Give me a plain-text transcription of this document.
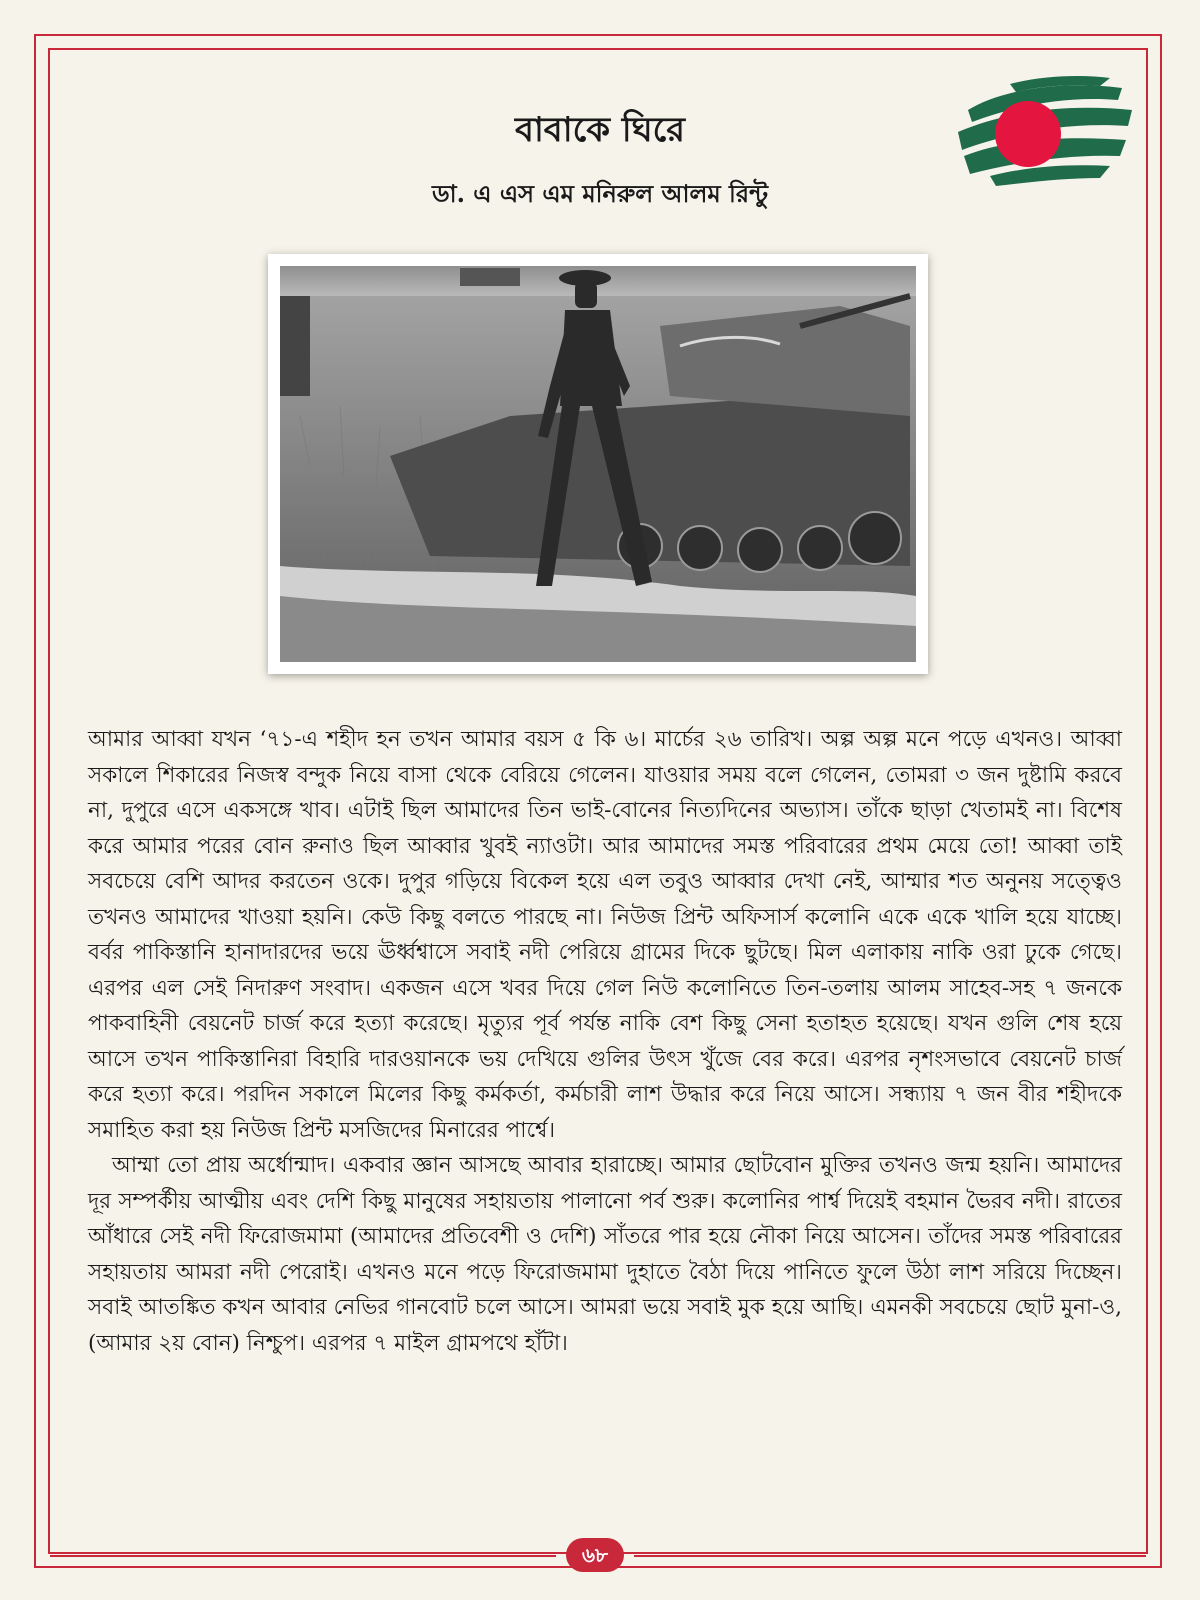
বাবাকে ঘিরে
ডা. এ এস এম মনিরুল আলম রিন্টু

আমার আব্বা যখন ‘৭১-এ শহীদ হন তখন আমার বয়স ৫ কি ৬। মার্চের ২৬ তারিখ। অল্প অল্প মনে পড়ে এখনও। আব্বা সকালে শিকারের নিজস্ব বন্দুক নিয়ে বাসা থেকে বেরিয়ে গেলেন। যাওয়ার সময় বলে গেলেন, তোমরা ৩ জন দুষ্টামি করবে না, দুপুরে এসে একসঙ্গে খাব। এটাই ছিল আমাদের তিন ভাই-বোনের নিত্যদিনের অভ্যাস। তাঁকে ছাড়া খেতামই না। বিশেষ করে আমার পরের বোন রুনাও ছিল আব্বার খুবই ন্যাওটা। আর আমাদের সমস্ত পরিবারের প্রথম মেয়ে তো! আব্বা তাই সবচেয়ে বেশি আদর করতেন ওকে। দুপুর গড়িয়ে বিকেল হয়ে এল তবুও আব্বার দেখা নেই, আম্মার শত অনুনয় সত্ত্বেও তখনও আমাদের খাওয়া হয়নি। কেউ কিছু বলতে পারছে না। নিউজ প্রিন্ট অফিসার্স কলোনি একে একে খালি হয়ে যাচ্ছে। বর্বর পাকিস্তানি হানাদারদের ভয়ে ঊর্ধ্বশ্বাসে সবাই নদী পেরিয়ে গ্রামের দিকে ছুটছে। মিল এলাকায় নাকি ওরা ঢুকে গেছে। এরপর এল সেই নিদারুণ সংবাদ। একজন এসে খবর দিয়ে গেল নিউ কলোনিতে তিন-তলায় আলম সাহেব-সহ ৭ জনকে পাকবাহিনী বেয়নেট চার্জ করে হত্যা করেছে। মৃত্যুর পূর্ব পর্যন্ত নাকি বেশ কিছু সেনা হতাহত হয়েছে। যখন গুলি শেষ হয়ে আসে তখন পাকিস্তানিরা বিহারি দারওয়ানকে ভয় দেখিয়ে গুলির উৎস খুঁজে বের করে। এরপর নৃশংসভাবে বেয়নেট চার্জ করে হত্যা করে। পরদিন সকালে মিলের কিছু কর্মকর্তা, কর্মচারী লাশ উদ্ধার করে নিয়ে আসে। সন্ধ্যায় ৭ জন বীর শহীদকে সমাহিত করা হয় নিউজ প্রিন্ট মসজিদের মিনারের পার্শ্বে।

আম্মা তো প্রায় অর্ধোন্মাদ। একবার জ্ঞান আসছে আবার হারাচ্ছে। আমার ছোটবোন মুক্তির তখনও জন্ম হয়নি। আমাদের দূর সম্পর্কীয় আত্মীয় এবং দেশি কিছু মানুষের সহায়তায় পালানো পর্ব শুরু। কলোনির পার্শ্ব দিয়েই বহমান ভৈরব নদী। রাতের আঁধারে সেই নদী ফিরোজমামা (আমাদের প্রতিবেশী ও দেশি) সাঁতরে পার হয়ে নৌকা নিয়ে আসেন। তাঁদের সমস্ত পরিবারের সহায়তায় আমরা নদী পেরোই। এখনও মনে পড়ে ফিরোজমামা দুহাতে বৈঠা দিয়ে পানিতে ফুলে উঠা লাশ সরিয়ে দিচ্ছেন। সবাই আতঙ্কিত কখন আবার নেভির গানবোট চলে আসে। আমরা ভয়ে সবাই মুক হয়ে আছি। এমনকী সবচেয়ে ছোট মুনা-ও, (আমার ২য় বোন) নিশ্চুপ। এরপর ৭ মাইল গ্রামপথে হাঁটা।

৬৮
